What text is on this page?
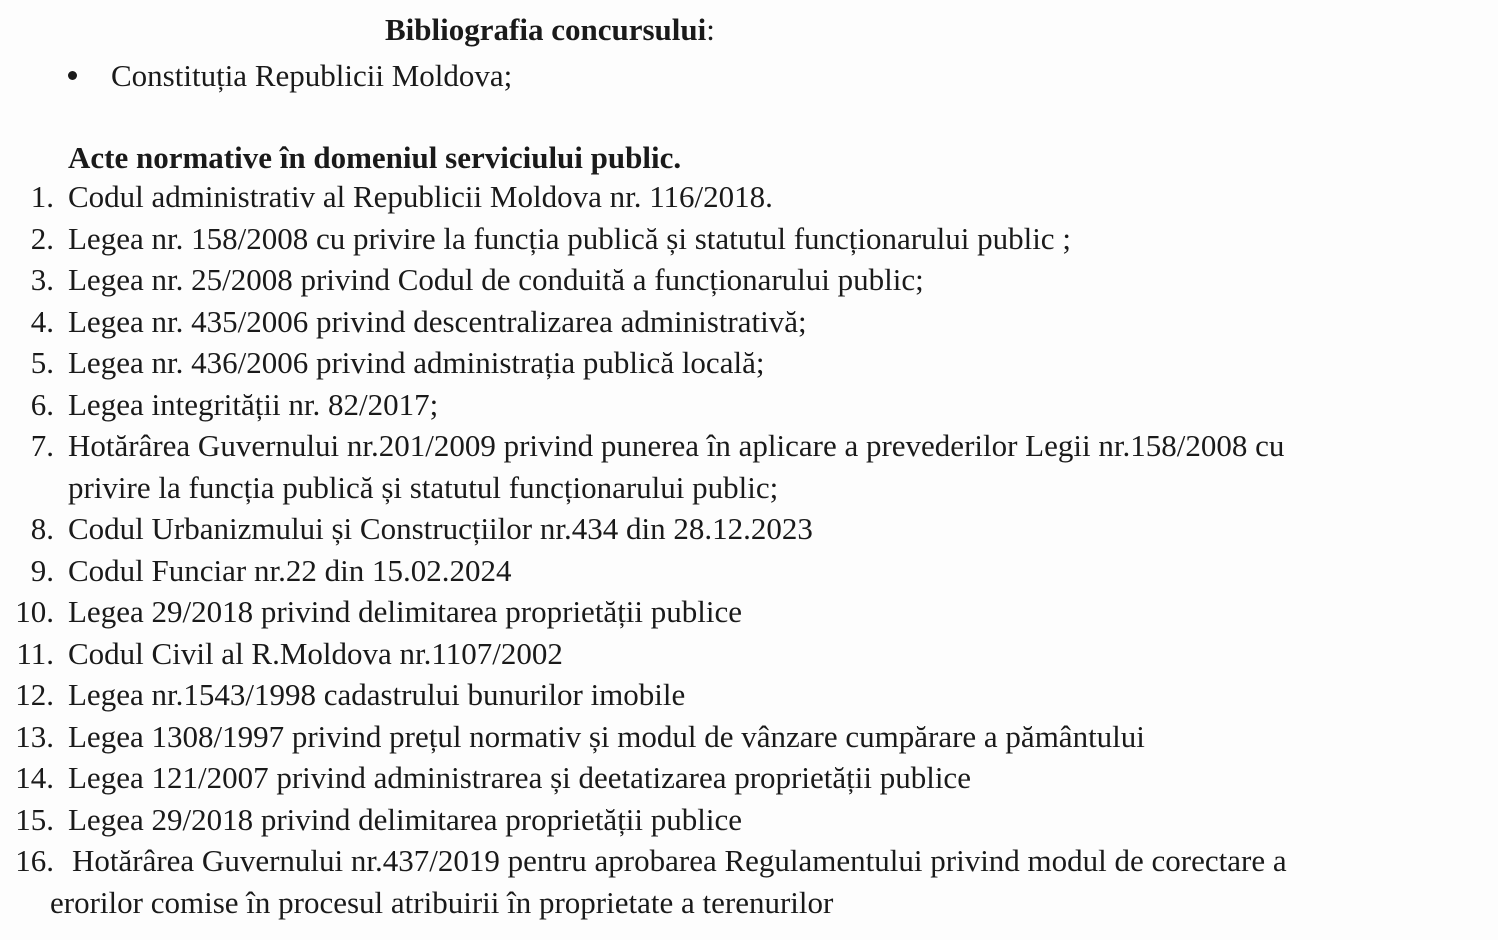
Bibliografia concursului:
Constituția Republicii Moldova;
Acte normative în domeniul serviciului public.
1. Codul administrativ al Republicii Moldova nr. 116/2018.
2. Legea nr. 158/2008 cu privire la funcția publică și statutul funcționarului public ;
3. Legea nr. 25/2008 privind Codul de conduită a funcționarului public;
4. Legea nr. 435/2006 privind descentralizarea administrativă;
5. Legea nr. 436/2006 privind administrația publică locală;
6. Legea integrității nr. 82/2017;
7. Hotărârea Guvernului nr.201/2009 privind punerea în aplicare a prevederilor Legii nr.158/2008 cu
privire la funcția publică și statutul funcționarului public;
8. Codul Urbanizmului și Construcțiilor nr.434 din 28.12.2023
9. Codul Funciar nr.22 din 15.02.2024
10. Legea 29/2018 privind delimitarea proprietății publice
11. Codul Civil al R.Moldova nr.1107/2002
12. Legea nr.1543/1998 cadastrului bunurilor imobile
13. Legea 1308/1997 privind prețul normativ și modul de vânzare cumpărare a pământului
14. Legea 121/2007 privind administrarea și deetatizarea proprietății publice
15. Legea 29/2018 privind delimitarea proprietății publice
16. Hotărârea Guvernului nr.437/2019 pentru aprobarea Regulamentului privind modul de corectare a
erorilor comise în procesul atribuirii în proprietate a terenurilor
